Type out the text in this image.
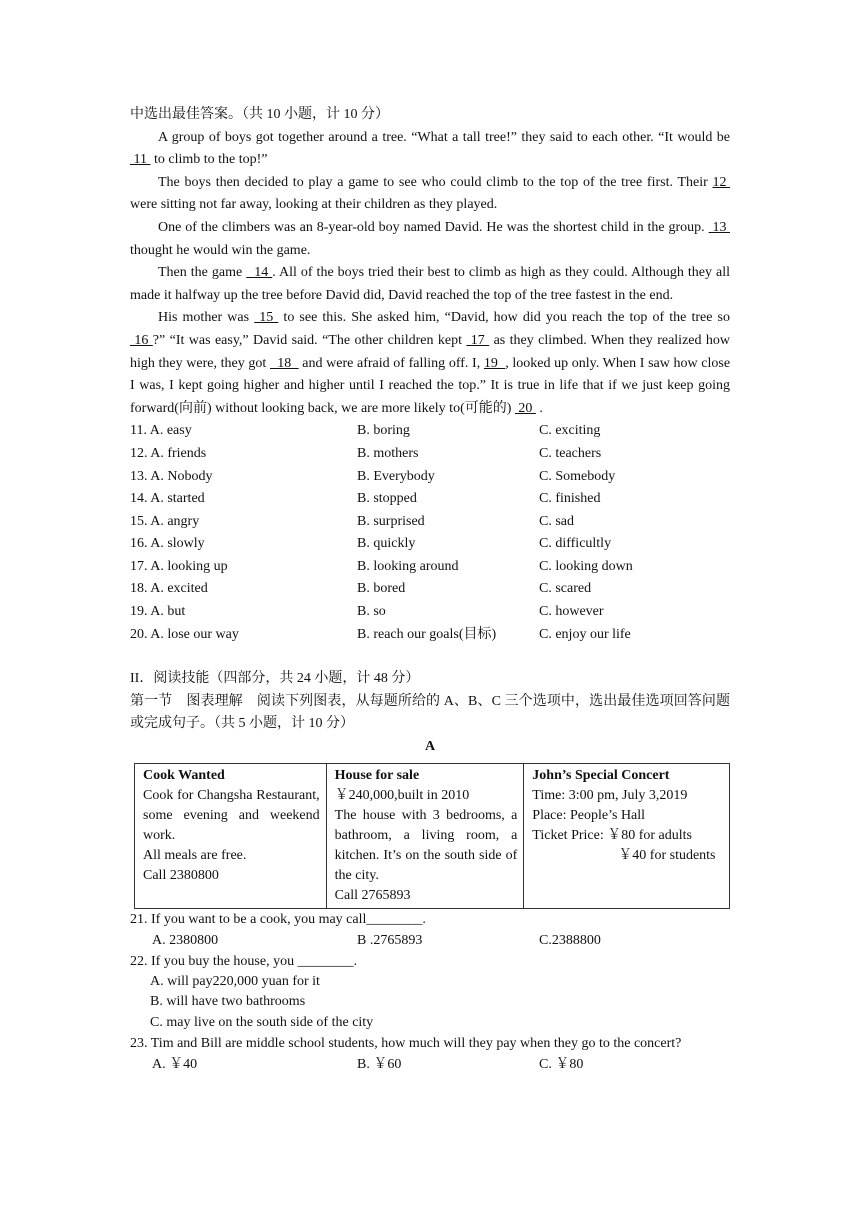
中选出最佳答案。（共 10 小题，计 10 分）

A group of boys got together around a tree. “What a tall tree!” they said to each other. “It would be  11  to climb to the top!”

The boys then decided to play a game to see who could climb to the top of the tree first. Their 12  were sitting not far away, looking at their children as they played.

One of the climbers was an 8-year-old boy named David. He was the shortest child in the group.  13  thought he would win the game.

Then the game   14 . All of the boys tried their best to climb as high as they could. Although they all made it halfway up the tree before David did, David reached the top of the tree fastest in the end.

His mother was  15  to see this. She asked him, “David, how did you reach the top of the tree so  16 ?” “It was easy,” David said. “The other children kept  17  as they climbed. When they realized how high they were, they got   18   and were afraid of falling off. I, 19  , looked up only. When I saw how close I was, I kept going higher and higher until I reached the top.” It is true in life that if we just keep going forward(向前) without looking back, we are more likely to(可能的)  20  .

11. A. easy	B. boring	C. exciting
12. A. friends	B. mothers	C. teachers
13. A. Nobody	B. Everybody	C. Somebody
14. A. started	B. stopped	C. finished
15. A. angry	B. surprised	C. sad
16. A. slowly	B. quickly	C. difficultly
17. A. looking up	B. looking around	C. looking down
18. A. excited	B. bored	C. scared
19. A. but	B. so	C. however
20. A. lose our way	B. reach our goals(目标)	C. enjoy our life

II．阅读技能（四部分，共 24 小题，计 48 分）

第一节　图表理解　阅读下列图表，从每题所给的 A、B、C 三个选项中，选出最佳选项回答问题或完成句子。（共 5 小题，计 10 分）

A

Cook Wanted
Cook for Changsha Restaurant, some evening and weekend work.
All meals are free.
Call 2380800

House for sale
￥240,000,built in 2010
The house with 3 bedrooms, a bathroom, a living room, a kitchen. It’s on the south side of the city.
Call 2765893

John’s Special Concert
Time: 3:00 pm, July 3,2019
Place: People’s Hall
Ticket Price: ￥80 for adults
￥40 for students

21. If you want to be a cook, you may call________.

A. 2380800	B .2765893	C.2388800

22. If you buy the house, you ________.

A. will pay220,000 yuan for it

B. will have two bathrooms

C. may live on the south side of the city

23. Tim and Bill are middle school students, how much will they pay when they go to the concert?

A. ￥40	B. ￥60	C. ￥80
